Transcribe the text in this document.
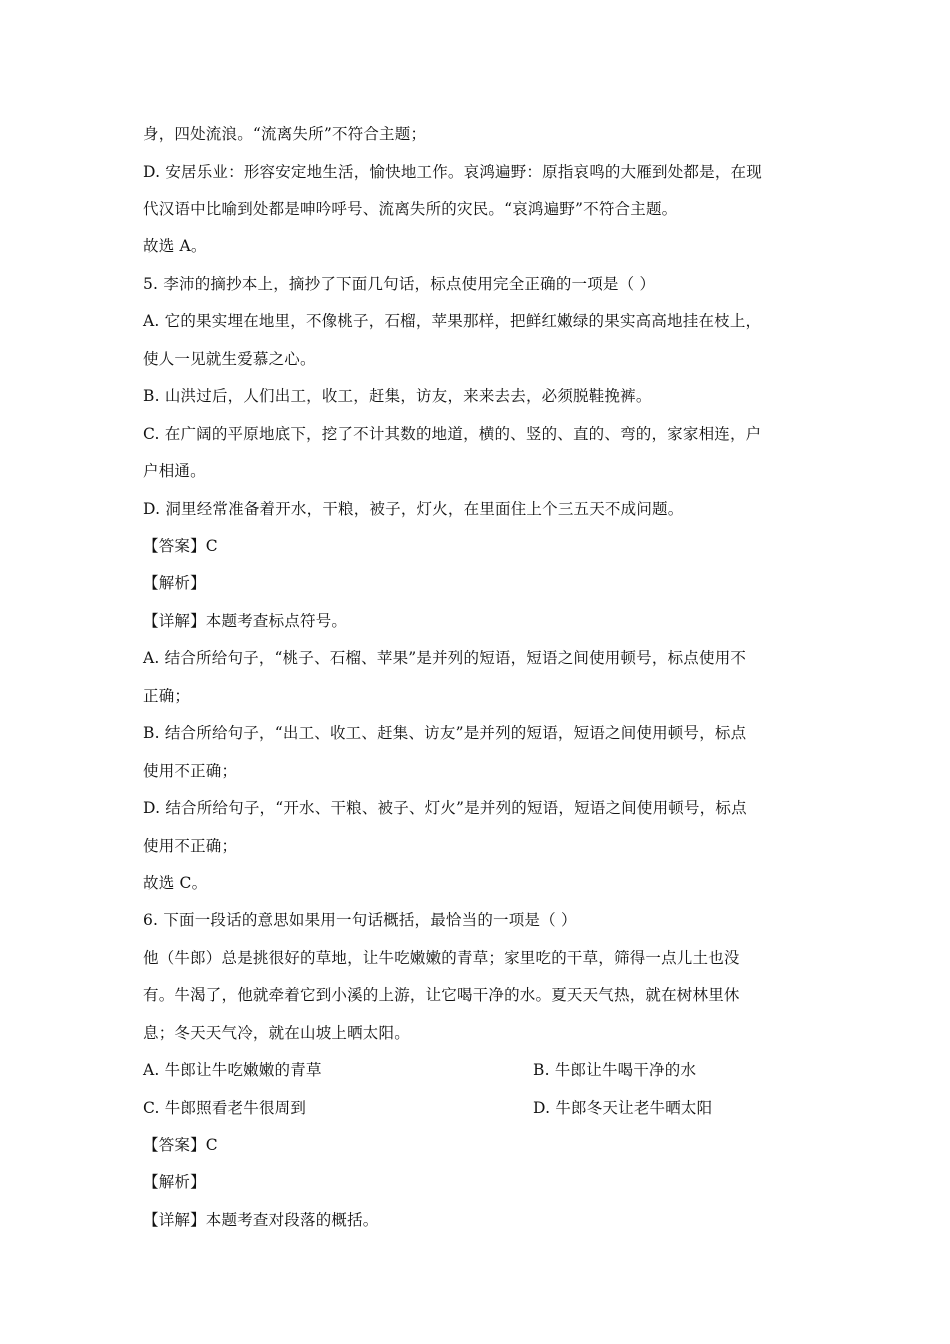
身，四处流浪。“流离失所”不符合主题；
D. 安居乐业：形容安定地生活，愉快地工作。哀鸿遍野：原指哀鸣的大雁到处都是，在现
代汉语中比喻到处都是呻吟呼号、流离失所的灾民。“哀鸿遍野”不符合主题。
故选 A。
5. 李沛的摘抄本上，摘抄了下面几句话，标点使用完全正确的一项是（ ）
A. 它的果实埋在地里，不像桃子，石榴，苹果那样，把鲜红嫩绿的果实高高地挂在枝上，
使人一见就生爱慕之心。
B. 山洪过后，人们出工，收工，赶集，访友，来来去去，必须脱鞋挽裤。
C. 在广阔的平原地底下，挖了不计其数的地道，横的、竖的、直的、弯的，家家相连，户
户相通。
D. 洞里经常准备着开水，干粮，被子，灯火，在里面住上个三五天不成问题。
【答案】C
【解析】
【详解】本题考查标点符号。
A. 结合所给句子，“桃子、石榴、苹果”是并列的短语，短语之间使用顿号，标点使用不
正确；
B. 结合所给句子，“出工、收工、赶集、访友”是并列的短语，短语之间使用顿号，标点
使用不正确；
D. 结合所给句子，“开水、干粮、被子、灯火”是并列的短语，短语之间使用顿号，标点
使用不正确；
故选 C。
6. 下面一段话的意思如果用一句话概括，最恰当的一项是（ ）
他（牛郎）总是挑很好的草地，让牛吃嫩嫩的青草；家里吃的干草，筛得一点儿土也没
有。牛渴了，他就牵着它到小溪的上游，让它喝干净的水。夏天天气热，就在树林里休
息；冬天天气冷，就在山坡上晒太阳。
A. 牛郎让牛吃嫩嫩的青草	B. 牛郎让牛喝干净的水
C. 牛郎照看老牛很周到	D. 牛郎冬天让老牛晒太阳
【答案】C
【解析】
【详解】本题考查对段落的概括。
